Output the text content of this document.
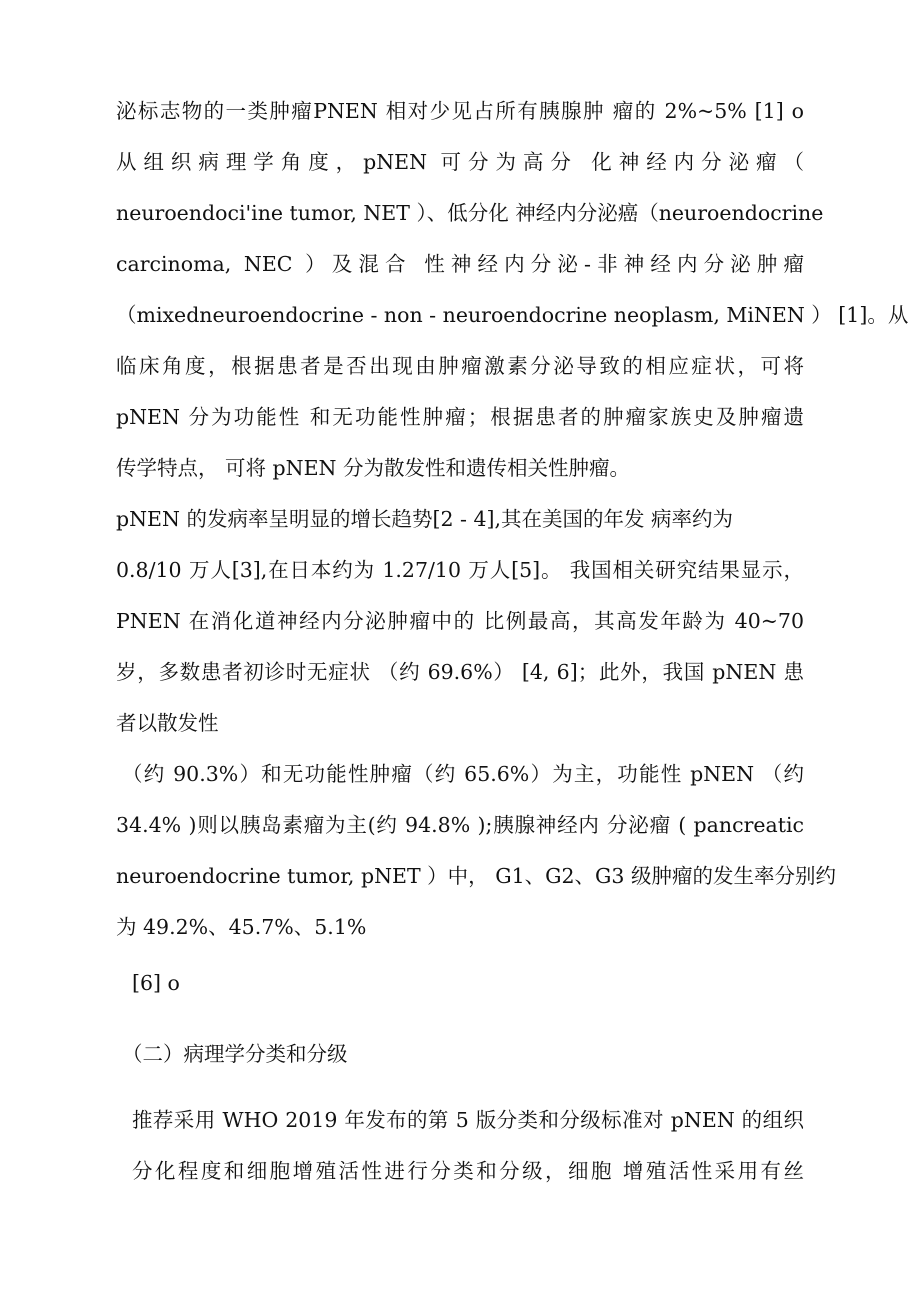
泌标志物的一类肿瘤PNEN 相对少见占所有胰腺肿 瘤的 2%~5% [1] o
从组织病理学角度，pNEN 可分为高分 化神经内分泌瘤（
neuroendoci'ine tumor, NET ）、低分化 神经内分泌癌（neuroendocrine
carcinoma, NEC ）及混合 性神经内分泌-非神经内分泌肿瘤
（mixedneuroendocrine - non - neuroendocrine neoplasm, MiNEN ） [1]。从
临床角度，根据患者是否出现由肿瘤激素分泌导致的相应症状，可将
pNEN 分为功能性 和无功能性肿瘤；根据患者的肿瘤家族史及肿瘤遗
传学特点， 可将 pNEN 分为散发性和遗传相关性肿瘤。
pNEN 的发病率呈明显的增长趋势[2 - 4],其在美国的年发 病率约为
0.8/10 万人[3],在日本约为 1.27/10 万人[5]。 我国相关研究结果显示，
PNEN 在消化道神经内分泌肿瘤中的 比例最高，其高发年龄为 40~70
岁，多数患者初诊时无症状 （约 69.6%） [4, 6]；此外，我国 pNEN 患
者以散发性
（约 90.3%）和无功能性肿瘤（约 65.6%）为主，功能性 pNEN （约
34.4% )则以胰岛素瘤为主(约 94.8% );胰腺神经内 分泌瘤 ( pancreatic
neuroendocrine tumor, pNET ）中， G1、G2、G3 级肿瘤的发生率分别约
为 49.2%、45.7%、5.1%
[6] o
（二）病理学分类和分级
推荐采用 WHO 2019 年发布的第 5 版分类和分级标准对 pNEN 的组织
分化程度和细胞增殖活性进行分类和分级，细胞 增殖活性采用有丝
